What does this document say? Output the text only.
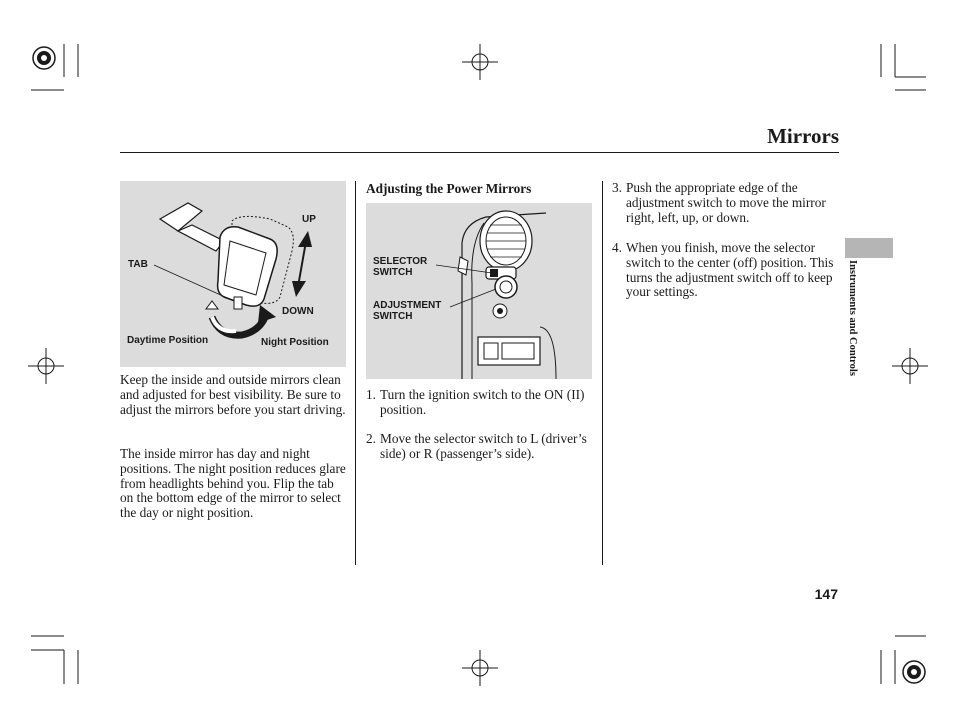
Mirrors
UP
TAB
DOWN
Daytime Position	Night Position
Keep the inside and outside mirrors clean and adjusted for best visibility. Be sure to adjust the mirrors before you start driving.
The inside mirror has day and night positions. The night position reduces glare from headlights behind you. Flip the tab on the bottom edge of the mirror to select the day or night position.
Adjusting the Power Mirrors
SELECTOR
SWITCH
ADJUSTMENT
SWITCH
1. Turn the ignition switch to the ON (II) position.
2. Move the selector switch to L (driver’s side) or R (passenger’s side).
3. Push the appropriate edge of the adjustment switch to move the mirror right, left, up, or down.
4. When you finish, move the selector switch to the center (off) position. This turns the adjustment switch off to keep your settings.	Instruments and Controls
147
